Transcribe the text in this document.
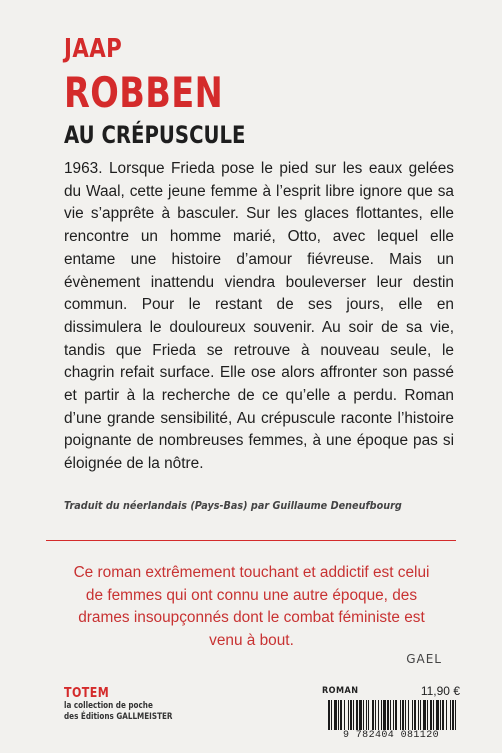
JAAP
ROBBEN
AU CRÉPUSCULE

1963. Lorsque Frieda pose le pied sur les eaux gelées du Waal, cette jeune femme à l’esprit libre ignore que sa vie s’apprête à basculer. Sur les glaces flottantes, elle rencontre un homme marié, Otto, avec lequel elle entame une histoire d’amour fiévreuse. Mais un évènement inattendu viendra bouleverser leur destin commun. Pour le restant de ses jours, elle en dissimulera le douloureux souvenir. Au soir de sa vie, tandis que Frieda se retrouve à nouveau seule, le chagrin refait surface. Elle ose alors affronter son passé et partir à la recherche de ce qu’elle a perdu. Roman d’une grande sensibilité, Au crépuscule raconte l’histoire poignante de nombreuses femmes, à une époque pas si éloignée de la nôtre.

Traduit du néerlandais (Pays-Bas) par Guillaume Deneufbourg

Ce roman extrêmement touchant et addictif est celui de femmes qui ont connu une autre époque, des drames insoupçonnés dont le combat féministe est venu à bout.

GAEL
TOTEM
la collection de poche
des Éditions GALLMEISTER
ROMAN	11,90 €
9 782404 081120
